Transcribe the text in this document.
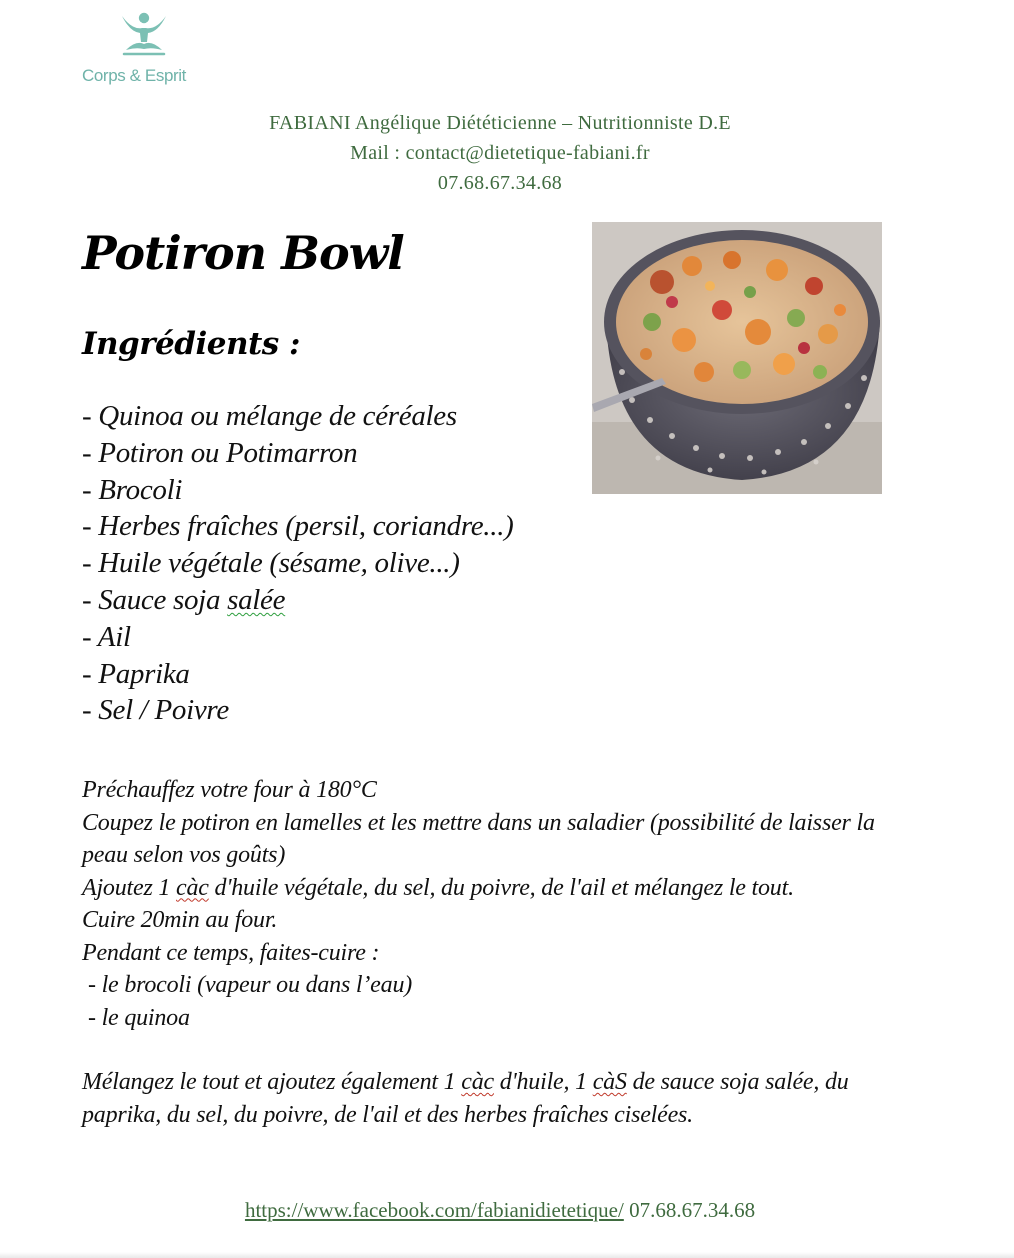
Corps & Esprit
FABIANI Angélique Diététicienne – Nutritionniste D.E
Mail : contact@dietetique-fabiani.fr
07.68.67.34.68
Potiron Bowl
Ingrédients :
- Quinoa ou mélange de céréales
- Potiron ou Potimarron
- Brocoli
- Herbes fraîches (persil, coriandre...)
- Huile végétale (sésame, olive...)
- Sauce soja salée
- Ail
- Paprika
- Sel / Poivre

Préchauffez votre four à 180°C

Coupez le potiron en lamelles et les mettre dans un saladier (possibilité de laisser la peau selon vos goûts)

Ajoutez 1 càc d'huile végétale, du sel, du poivre, de l'ail et mélangez le tout.

Cuire 20min au four.

Pendant ce temps, faites-cuire :

- le brocoli (vapeur ou dans l’eau)

- le quinoa

Mélangez le tout et ajoutez également 1 càc d'huile, 1 càS de sauce soja salée, du paprika, du sel, du poivre, de l'ail et des herbes fraîches ciselées.

https://www.facebook.com/fabianidietetique/ 07.68.67.34.68
